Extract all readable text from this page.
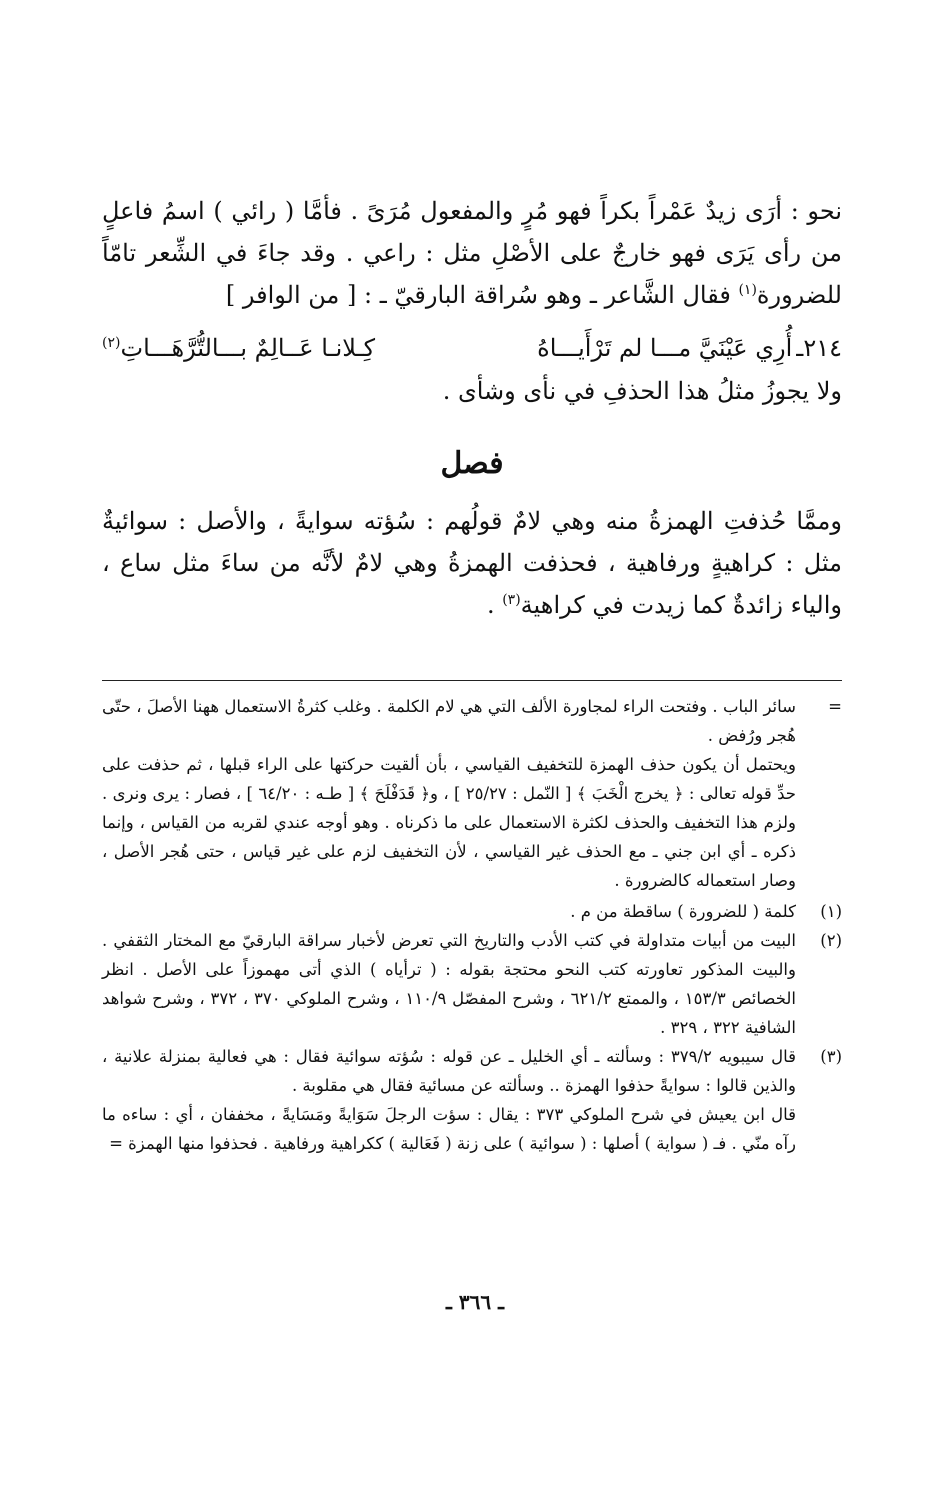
نحو : أرَى زيدٌ عَمْراً بكراً فهو مُرٍ والمفعول مُرَىً . فأمَّا ( رائي ) اسمُ فاعلٍ من رأى يَرَى فهو خارجٌ على الأصْلِ مثل : راعي . وقد جاءَ في الشِّعر تامّاً للضرورة$^{(١)}$ فقال الشَّاعر ـ وهو سُراقة البارقيّ ـ : [ من الوافر ]

٢١٤ـ
أُرِي عَيْنَيَّ مـــا لم تَرْأَيـــاهُ
كِـلانـا عَــالِمٌ بـــالتُّرَّهَـــاتِ$^{(٢)}$

ولا يجوزُ مثلُ هذا الحذفِ في نأى وشأى .

فصل

وممَّا حُذفتِ الهمزةُ منه وهي لامٌ قولُهم : سُؤته سوايةً ، والأصل : سوائيةٌ مثل : كراهيةٍ ورفاهية ، فحذفت الهمزةُ وهي لامٌ لأنَّه من ساءَ مثل ساع ، والياء زائدةٌ كما زيدت في كراهية$^{(٣)}$ .

=

سائر الباب . وفتحت الراء لمجاورة الألف التي هي لام الكلمة . وغلب كثرةُ الاستعمال ههنا الأصلَ ، حتّى هُجر ورُفض .

ويحتمل أن يكون حذف الهمزة للتخفيف القياسي ، بأن ألقيت حركتها على الراء قبلها ، ثم حذفت على حدِّ قوله تعالى : ﴿ يخرج الْخَبَ ﴾ [ النّمل : ٢٥/٢٧ ] ، و﴿ قَدَفْلَحَ ﴾ [ طـه : ٦٤/٢٠ ] ، فصار : يرى ونرى . ولزم هذا التخفيف والحذف لكثرة الاستعمال على ما ذكرناه . وهو أوجه عندي لقربه من القياس ، وإنما ذكره ـ أي ابن جني ـ مع الحذف غير القياسي ، لأن التخفيف لزم على غير قياس ، حتى هُجر الأصل ، وصار استعماله كالضرورة .

(١)

كلمة ( للضرورة ) ساقطة من م .

(٢)

البيت من أبيات متداولة في كتب الأدب والتاريخ التي تعرض لأخبار سراقة البارقيّ مع المختار الثقفي . والبيت المذكور تعاورته كتب النحو محتجة بقوله : ( ترأياه ) الذي أتى مهموزاً على الأصل . انظر الخصائص ١٥٣/٣ ، والممتع ٦٢١/٢ ، وشرح المفصّل ١١٠/٩ ، وشرح الملوكي ٣٧٠ ، ٣٧٢ ، وشرح شواهد الشافية ٣٢٢ ، ٣٢٩ .

(٣)

قال سيبويه ٣٧٩/٢ : وسألته ـ أي الخليل ـ عن قوله : سُؤته سوائية فقال : هي فعالية بمنزلة علانية ، والذين قالوا : سوايةً حذفوا الهمزة .. وسألته عن مسائية فقال هي مقلوبة .

قال ابن يعيش في شرح الملوكي ٣٧٣ : يقال : سؤت الرجلَ سَوَايةً ومَسَايةً ، مخففان ، أي : ساءه ما رآه منّي . فـ ( سواية ) أصلها : ( سوائية ) على زنة ( فَعَالية ) ككراهية ورفاهية . فحذفوا منها الهمزة =

ـ ٣٦٦ ـ
